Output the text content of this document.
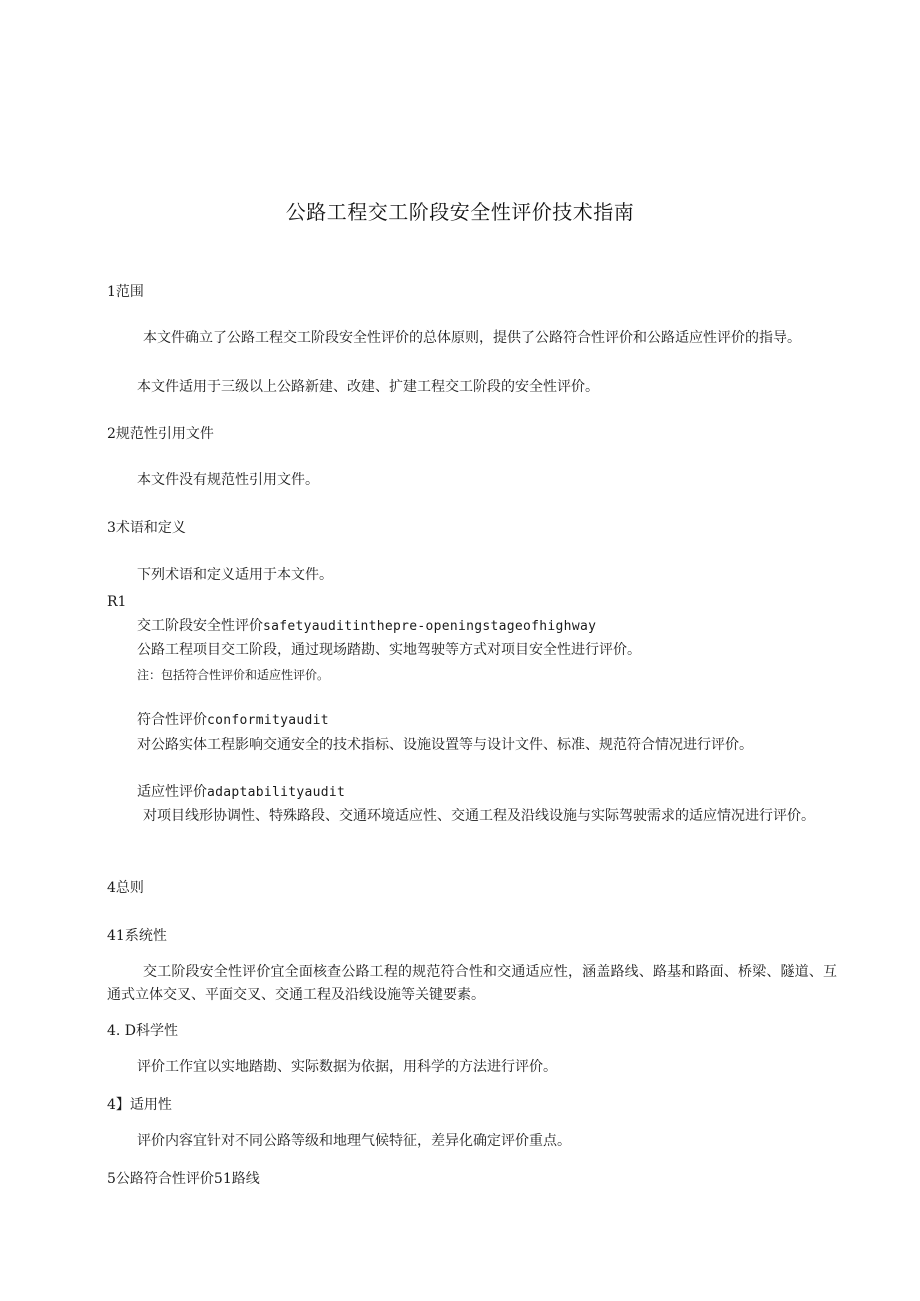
公路工程交工阶段安全性评价技术指南
1范围
本文件确立了公路工程交工阶段安全性评价的总体原则，提供了公路符合性评价和公路适应性评价的指导。
本文件适用于三级以上公路新建、改建、扩建工程交工阶段的安全性评价。
2规范性引用文件
本文件没有规范性引用文件。
3术语和定义
下列术语和定义适用于本文件。
R1
交工阶段安全性评价safetyauditinthepre-openingstageofhighway
公路工程项目交工阶段，通过现场踏勘、实地驾驶等方式对项目安全性进行评价。
注：包括符合性评价和适应性评价。
符合性评价conformityaudit
对公路实体工程影响交通安全的技术指标、设施设置等与设计文件、标准、规范符合情况进行评价。
适应性评价adaptabilityaudit
对项目线形协调性、特殊路段、交通环境适应性、交通工程及沿线设施与实际驾驶需求的适应情况进行评价。
4总则
41系统性
交工阶段安全性评价宜全面核查公路工程的规范符合性和交通适应性，涵盖路线、路基和路面、桥梁、隧道、互通式立体交叉、平面交叉、交通工程及沿线设施等关键要素。
4. D科学性
评价工作宜以实地踏勘、实际数据为依据，用科学的方法进行评价。
4】适用性
评价内容宜针对不同公路等级和地理气候特征，差异化确定评价重点。
5公路符合性评价51路线
